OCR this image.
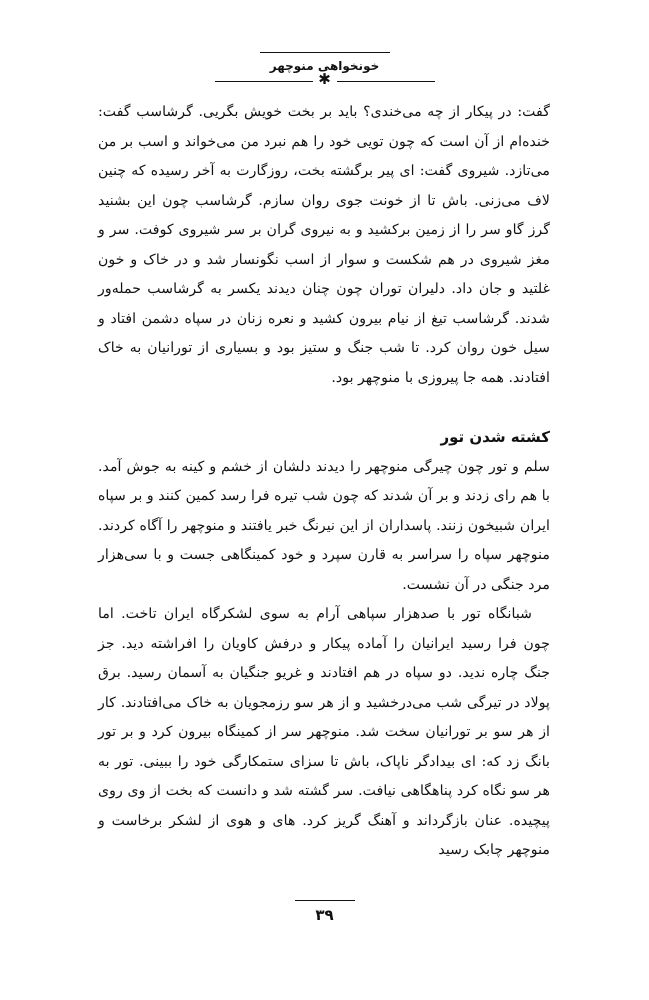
خونخواهی منوچهر
✱

گفت: در پیکار از چه می‌خندی؟ باید بر بخت خویش بگریی. گرشاسب گفت: خنده‌ام از آن است که چون تویی خود را هم نبرد من می‌خواند و اسب بر من می‌تازد. شیروی گفت: ای پیر برگشته بخت، روزگارت به آخر رسیده که چنین لاف می‌زنی. باش تا از خونت جوی روان سازم. گرشاسب چون این بشنید گرز گاو سر را از زمین برکشید و به نیروی گران بر سر شیروی کوفت. سر و مغز شیروی در هم شکست و سوار از اسب نگونسار شد و در خاک و خون غلتید و جان داد. دلیران توران چون چنان دیدند یکسر به گرشاسب حمله‌ور شدند. گرشاسب تیغ از نیام بیرون کشید و نعره زنان در سپاه دشمن افتاد و سیل خون روان کرد. تا شب جنگ و ستیز بود و بسیاری از تورانیان به خاک افتادند. همه جا پیروزی با منوچهر بود.

کشته شدن تور

سلم و تور چون چیرگی منوچهر را دیدند دلشان از خشم و کینه به جوش آمد. با هم رای زدند و بر آن شدند که چون شب تیره فرا رسد کمین کنند و بر سپاه ایران شبیخون زنند. پاسداران از این نیرنگ خبر یافتند و منوچهر را آگاه کردند. منوچهر سپاه را سراسر به قارن سپرد و خود کمینگاهی جست و با سی‌هزار مرد جنگی در آن نشست.

شبانگاه تور با صدهزار سپاهی آرام به سوی لشکرگاه ایران تاخت. اما چون فرا رسید ایرانیان را آماده پیکار و درفش کاویان را افراشته دید. جز جنگ چاره ندید. دو سپاه در هم افتادند و غریو جنگیان به آسمان رسید. برق پولاد در تیرگی شب می‌درخشید و از هر سو رزمجویان به خاک می‌افتادند. کار از هر سو بر تورانیان سخت شد. منوچهر سر از کمینگاه بیرون کرد و بر تور بانگ زد که: ای بیدادگر ناپاک، باش تا سزای ستمکارگی خود را ببینی. تور به هر سو نگاه کرد پناهگاهی نیافت. سر گشته شد و دانست که بخت از وی روی پیچیده. عنان بازگرداند و آهنگ گریز کرد. های و هوی از لشکر برخاست و منوچهر چابک رسید

۳۹
